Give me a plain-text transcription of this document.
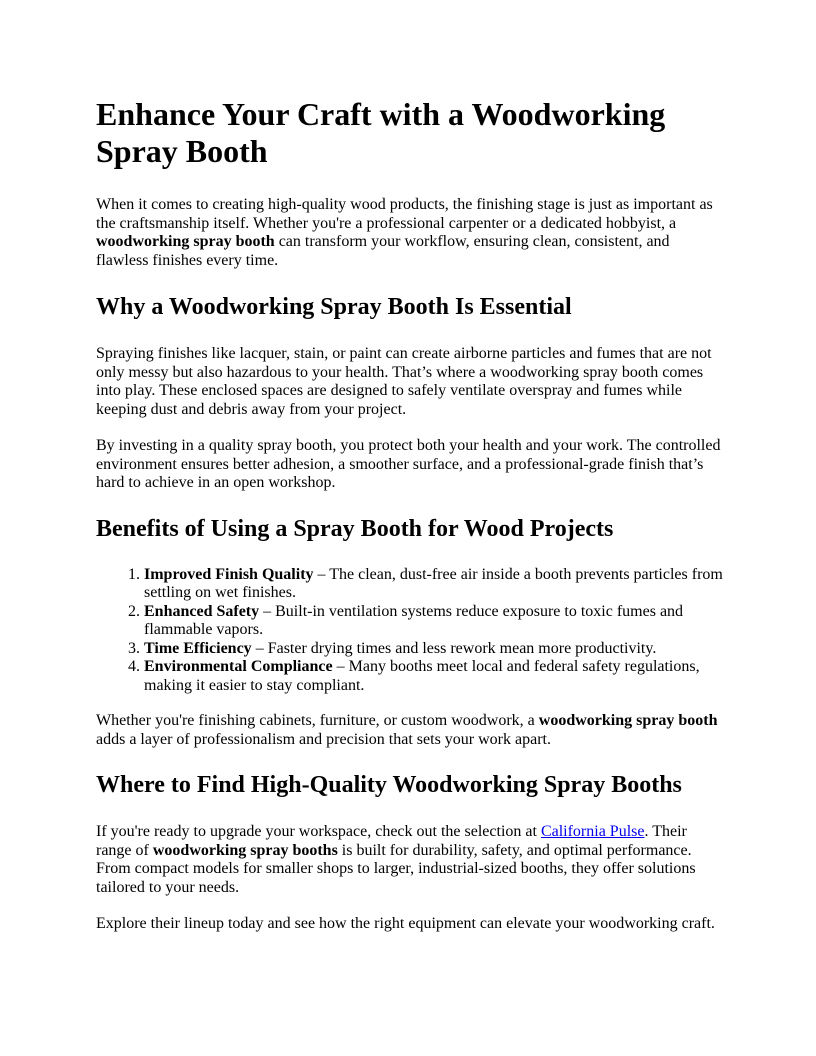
Enhance Your Craft with a Woodworking Spray Booth

When it comes to creating high-quality wood products, the finishing stage is just as important as the craftsmanship itself. Whether you're a professional carpenter or a dedicated hobbyist, a woodworking spray booth can transform your workflow, ensuring clean, consistent, and flawless finishes every time.

Why a Woodworking Spray Booth Is Essential

Spraying finishes like lacquer, stain, or paint can create airborne particles and fumes that are not only messy but also hazardous to your health. That’s where a woodworking spray booth comes into play. These enclosed spaces are designed to safely ventilate overspray and fumes while keeping dust and debris away from your project.

By investing in a quality spray booth, you protect both your health and your work. The controlled environment ensures better adhesion, a smoother surface, and a professional-grade finish that’s hard to achieve in an open workshop.

Benefits of Using a Spray Booth for Wood Projects
1. Improved Finish Quality – The clean, dust-free air inside a booth prevents particles from settling on wet finishes.
2. Enhanced Safety – Built-in ventilation systems reduce exposure to toxic fumes and flammable vapors.
3. Time Efficiency – Faster drying times and less rework mean more productivity.
4. Environmental Compliance – Many booths meet local and federal safety regulations, making it easier to stay compliant.

Whether you're finishing cabinets, furniture, or custom woodwork, a woodworking spray booth adds a layer of professionalism and precision that sets your work apart.

Where to Find High-Quality Woodworking Spray Booths

If you're ready to upgrade your workspace, check out the selection at California Pulse. Their range of woodworking spray booths is built for durability, safety, and optimal performance. From compact models for smaller shops to larger, industrial-sized booths, they offer solutions tailored to your needs.

Explore their lineup today and see how the right equipment can elevate your woodworking craft.
